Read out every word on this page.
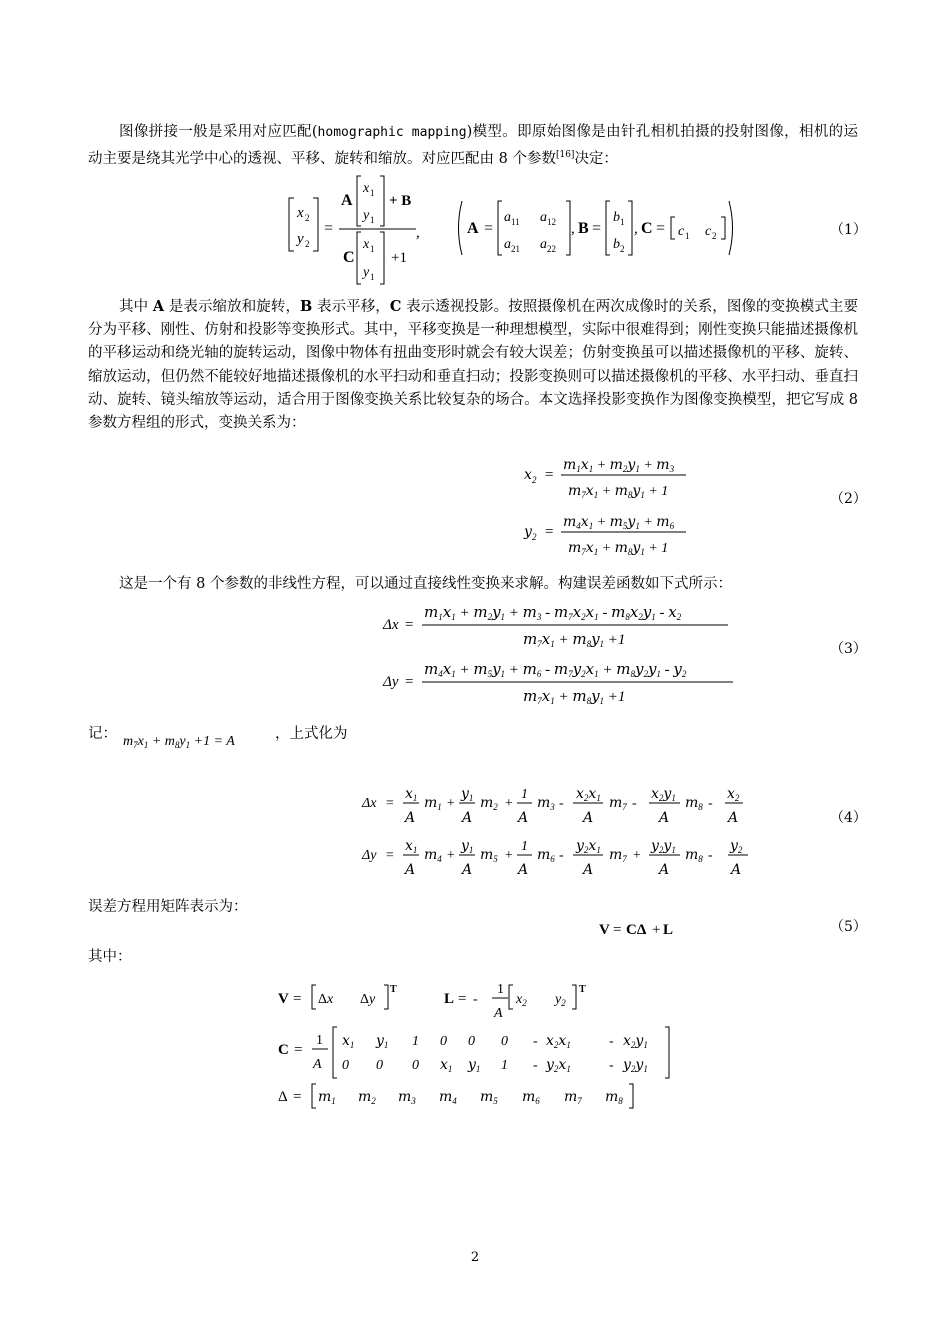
图像拼接一般是采用对应匹配(homographic mapping)模型。即原始图像是由针孔相机拍摄的投射图像，相机的运动主要是绕其光学中心的透视、平移、旋转和缩放。对应匹配由 8 个参数[16]决定：
x 2
y 2
=
A
x 1
y 1
+ B
C
x 1
y 1
+1
,	A =
a 11 a 12
a 21 a 22
, B =
b 1
b 2
, C = c 1 c 2	（1）
其中 A 是表示缩放和旋转，B 表示平移，C 表示透视投影。按照摄像机在两次成像时的关系，图像的变换模式主要分为平移、刚性、仿射和投影等变换形式。其中，平移变换是一种理想模型，实际中很难得到；刚性变换只能描述摄像机的平移运动和绕光轴的旋转运动，图像中物体有扭曲变形时就会有较大误差；仿射变换虽可以描述摄像机的平移、旋转、缩放运动，但仍然不能较好地描述摄像机的水平扫动和垂直扫动；投影变换则可以描述摄像机的平移、水平扫动、垂直扫动、旋转、镜头缩放等运动，适合用于图像变换关系比较复杂的场合。本文选择投影变换作为图像变换模型，把它写成 8 参数方程组的形式，变换关系为：
x 2 =
$m_1x_1 + m_2y_1 + m_3$
$m_7x_1 + m_8y_1 + 1$
y 2 =
$m_4x_1 + m_5y_1 + m_6$
$m_7x_1 + m_8y_1 + 1$
（2）
这是一个有 8 个参数的非线性方程，可以通过直接线性变换来求解。构建误差函数如下式所示：
Δx =
$m_1x_1 + m_2y_1 + m_3 - m_7x_2x_1 - m_8x_2y_1 - x_2$
$m_7x_1 + m_8y_1 +1$
Δy =
$m_4x_1 + m_5y_1 + m_6 - m_7y_2x_1 + m_8y_2y_1 - y_2$
$m_7x_1 + m_8y_1 +1$
（3）
记： $m_7x_1 + m_8y_1 +1 = A$	，上式化为
Δx =
$x_1$
A
$m_1$ +
$y_1$
A
$m_2$ +
1
A
$m_3$ -
$x_2x_1$
A
$m_7$ -
$x_2y_1$
A
$m_8$ -
$x_2$
A
Δy =
$x_1$
A
$m_4$ +
$y_1$
A
$m_5$ +
1
A
$m_6$ -
$y_2x_1$
A
$m_7$ +
$y_2y_1$
A
$m_8$ -
$y_2$
A
（4）
误差方程用矩阵表示为：
V = CΔ + L	（5）
其中：
V = Δx Δy
T
L = -
1
A
$x_2$ $y_2$
T
C =
1
A
$x_1$ $y_1$ 1 0 0 $0 - x_2x_1$	- $x_2y_1$
0 0 0 $x_1$ $y_1$ $1 - y_2x_1$	- $y_2y_1$
$\Delta = m_1$ $m_2$ $m_3$ $m_4$ $m_5$ $m_6$ $m_7$ $m_8$
2
